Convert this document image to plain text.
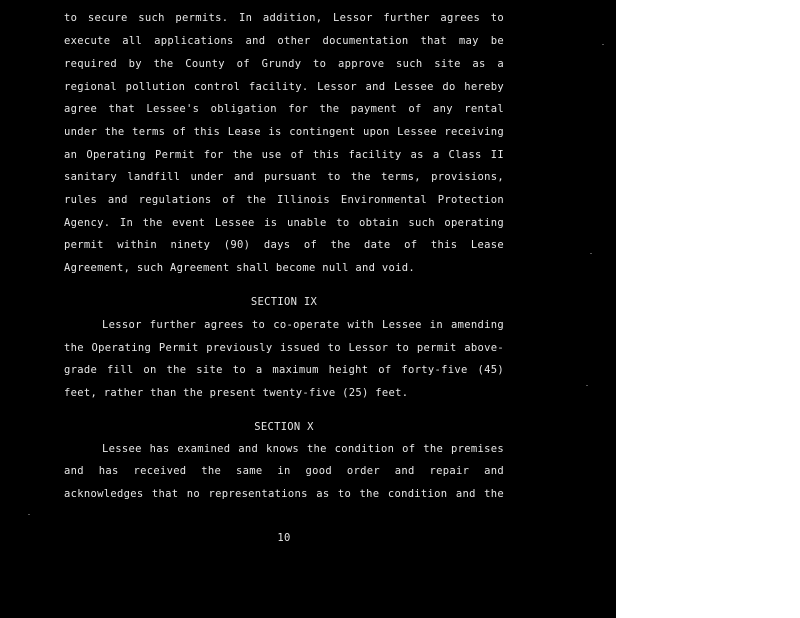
to secure such permits. In addition, Lessor further agrees to
execute all applications and other documentation that may be
required by the County of Grundy to approve such site as a
regional pollution control facility. Lessor and Lessee do hereby
agree that Lessee's obligation for the payment of any rental
under the terms of this Lease is contingent upon Lessee receiving
an Operating Permit for the use of this facility as a Class II
sanitary landfill under and pursuant to the terms, provisions,
rules and regulations of the Illinois Environmental Protection
Agency. In the event Lessee is unable to obtain such operating
permit within ninety (90) days of the date of this Lease
Agreement, such Agreement shall become null and void.
SECTION IX
Lessor further agrees to co-operate with Lessee in amending
the Operating Permit previously issued to Lessor to permit above-
grade fill on the site to a maximum height of forty-five (45)
feet, rather than the present twenty-five (25) feet.
SECTION X
Lessee has examined and knows the condition of the premises
and has received the same in good order and repair and
acknowledges that no representations as to the condition and the
10
